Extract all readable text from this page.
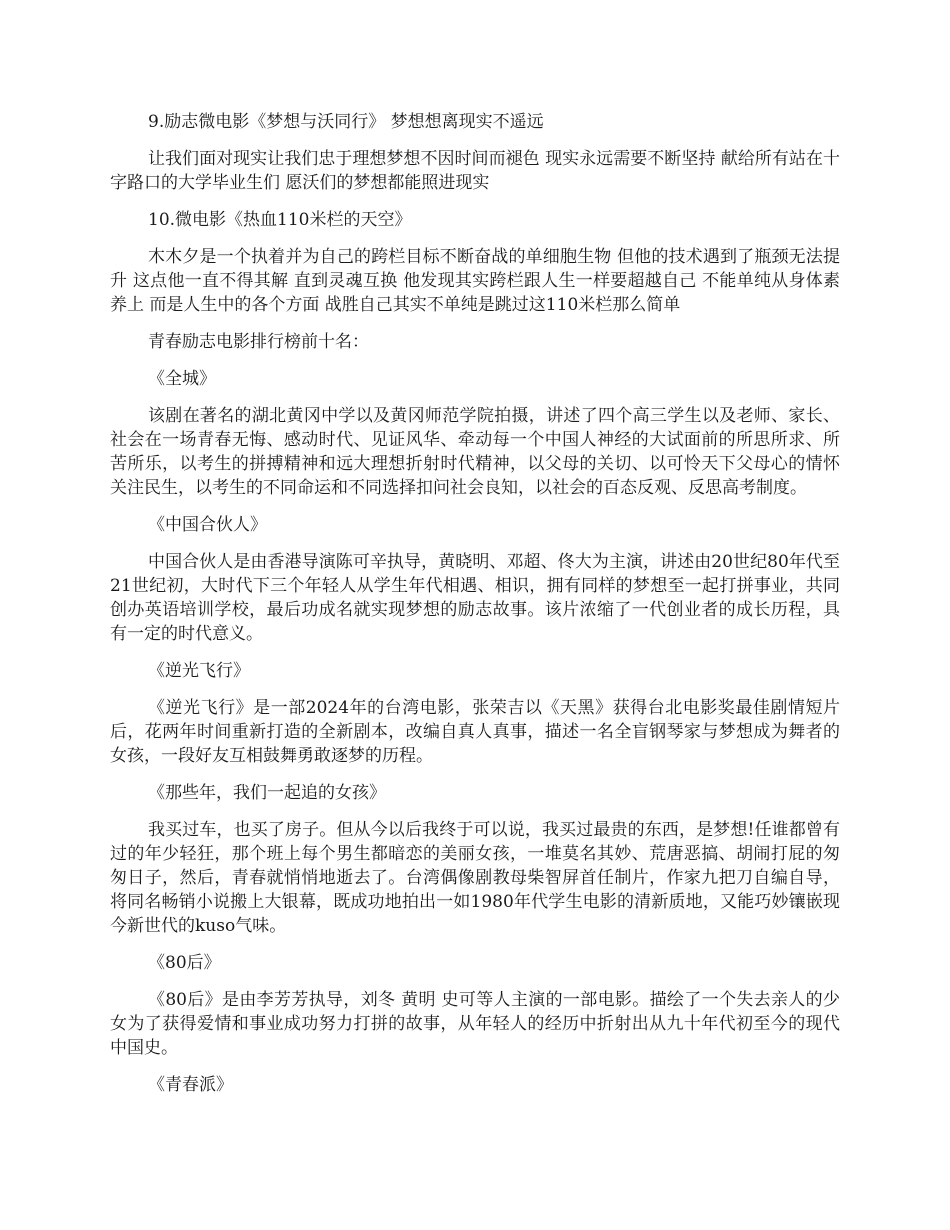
9.励志微电影《梦想与沃同行》 梦想想离现实不遥远

让我们面对现实让我们忠于理想梦想不因时间而褪色 现实永远需要不断坚持 献给所有站在十字路口的大学毕业生们 愿沃们的梦想都能照进现实

10.微电影《热血110米栏的天空》

木木夕是一个执着并为自己的跨栏目标不断奋战的单细胞生物 但他的技术遇到了瓶颈无法提升 这点他一直不得其解 直到灵魂互换 他发现其实跨栏跟人生一样要超越自己 不能单纯从身体素养上 而是人生中的各个方面 战胜自己其实不单纯是跳过这110米栏那么简单

青春励志电影排行榜前十名：

《全城》

该剧在著名的湖北黄冈中学以及黄冈师范学院拍摄，讲述了四个高三学生以及老师、家长、社会在一场青春无悔、感动时代、见证风华、牵动每一个中国人神经的大试面前的所思所求、所苦所乐，以考生的拼搏精神和远大理想折射时代精神，以父母的关切、以可怜天下父母心的情怀关注民生，以考生的不同命运和不同选择扣问社会良知，以社会的百态反观、反思高考制度。

《中国合伙人》

中国合伙人是由香港导演陈可辛执导，黄晓明、邓超、佟大为主演，讲述由20世纪80年代至21世纪初，大时代下三个年轻人从学生年代相遇、相识，拥有同样的梦想至一起打拼事业，共同创办英语培训学校，最后功成名就实现梦想的励志故事。该片浓缩了一代创业者的成长历程，具有一定的时代意义。

《逆光飞行》

《逆光飞行》是一部2024年的台湾电影，张荣吉以《天黑》获得台北电影奖最佳剧情短片后，花两年时间重新打造的全新剧本，改编自真人真事，描述一名全盲钢琴家与梦想成为舞者的女孩，一段好友互相鼓舞勇敢逐梦的历程。

《那些年，我们一起追的女孩》

我买过车，也买了房子。但从今以后我终于可以说，我买过最贵的东西，是梦想!任谁都曾有过的年少轻狂，那个班上每个男生都暗恋的美丽女孩，一堆莫名其妙、荒唐恶搞、胡闹打屁的匆匆日子，然后，青春就悄悄地逝去了。台湾偶像剧教母柴智屏首任制片，作家九把刀自编自导，将同名畅销小说搬上大银幕，既成功地拍出一如1980年代学生电影的清新质地，又能巧妙镶嵌现今新世代的kuso气味。

《80后》

《80后》是由李芳芳执导，刘冬 黄明 史可等人主演的一部电影。描绘了一个失去亲人的少女为了获得爱情和事业成功努力打拼的故事，从年轻人的经历中折射出从九十年代初至今的现代中国史。

《青春派》
